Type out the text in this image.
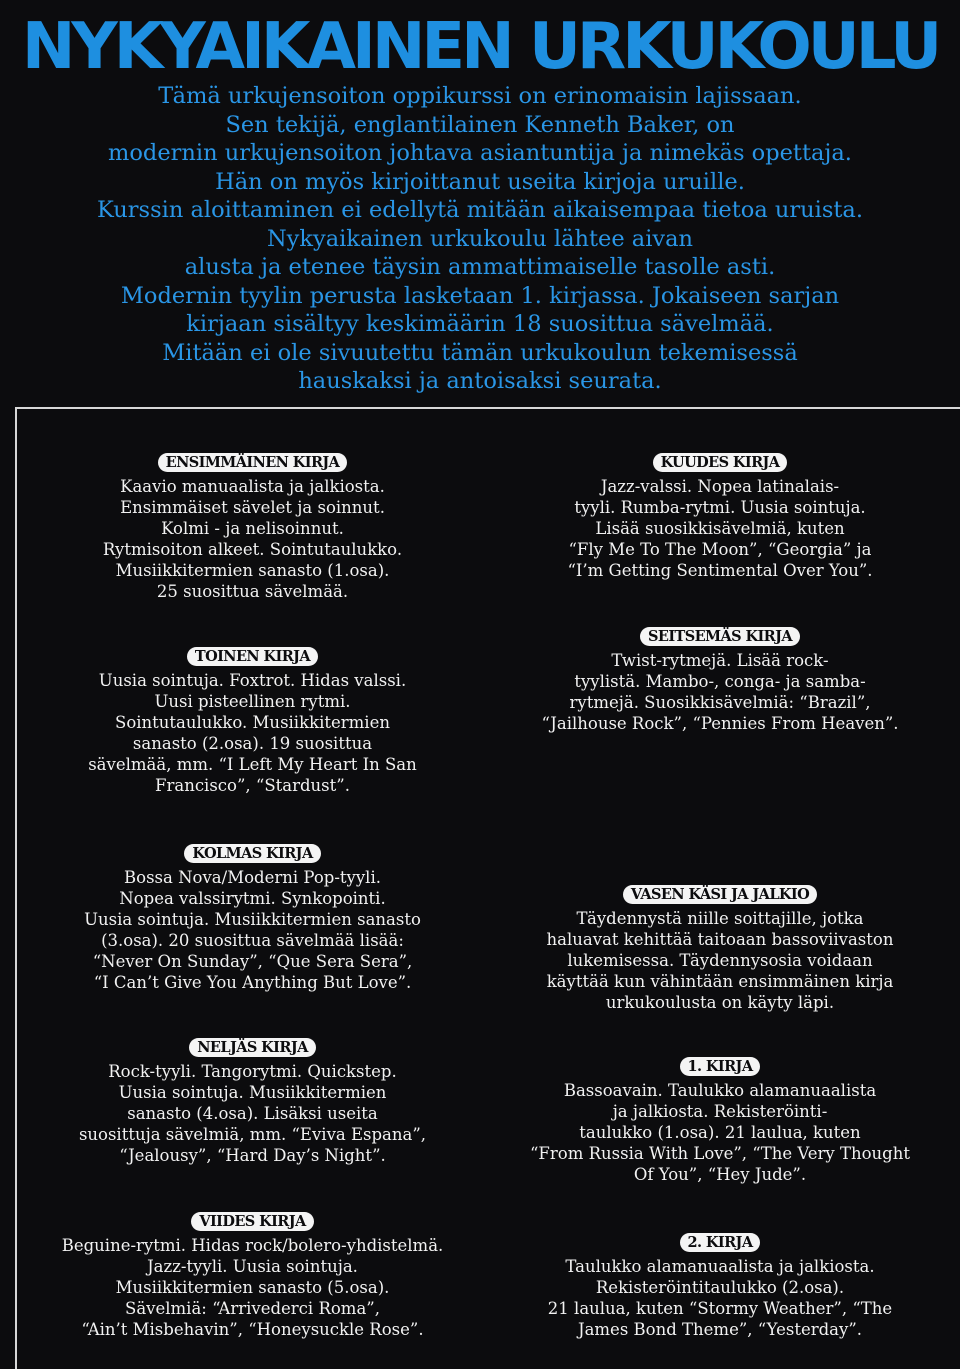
NYKYAIKAINEN URKUKOULU
Tämä urkujensoiton oppikurssi on erinomaisin lajissaan.
Sen tekijä, englantilainen Kenneth Baker, on
modernin urkujensoiton johtava asiantuntija ja nimekäs opettaja.
Hän on myös kirjoittanut useita kirjoja uruille.
Kurssin aloittaminen ei edellytä mitään aikaisempaa tietoa uruista.
Nykyaikainen urkukoulu lähtee aivan
alusta ja etenee täysin ammattimaiselle tasolle asti.
Modernin tyylin perusta lasketaan 1. kirjassa. Jokaiseen sarjan
kirjaan sisältyy keskimäärin 18 suosittua sävelmää.
Mitään ei ole sivuutettu tämän urkukoulun tekemisessä
hauskaksi ja antoisaksi seurata.
ENSIMMÄINEN KIRJA
Kaavio manuaalista ja jalkiosta.
Ensimmäiset sävelet ja soinnut.
Kolmi - ja nelisoinnut.
Rytmisoiton alkeet. Sointutaulukko.
Musiikkitermien sanasto (1.osa).
25 suosittua sävelmää.
TOINEN KIRJA
Uusia sointuja. Foxtrot. Hidas valssi.
Uusi pisteellinen rytmi.
Sointutaulukko. Musiikkitermien
sanasto (2.osa). 19 suosittua
sävelmää, mm. “I Left My Heart In San
Francisco”, “Stardust”.
KOLMAS KIRJA
Bossa Nova/Moderni Pop-tyyli.
Nopea valssirytmi. Synkopointi.
Uusia sointuja. Musiikkitermien sanasto
(3.osa). 20 suosittua sävelmää lisää:
“Never On Sunday”, “Que Sera Sera”,
“I Can’t Give You Anything But Love”.
NELJÄS KIRJA
Rock-tyyli. Tangorytmi. Quickstep.
Uusia sointuja. Musiikkitermien
sanasto (4.osa). Lisäksi useita
suosittuja sävelmiä, mm. “Eviva Espana”,
“Jealousy”, “Hard Day’s Night”.
VIIDES KIRJA
Beguine-rytmi. Hidas rock/bolero-yhdistelmä.
Jazz-tyyli. Uusia sointuja.
Musiikkitermien sanasto (5.osa).
Sävelmiä: “Arrivederci Roma”,
“Ain’t Misbehavin”, “Honeysuckle Rose”.
KUUDES KIRJA
Jazz-valssi. Nopea latinalais-
tyyli. Rumba-rytmi. Uusia sointuja.
Lisää suosikkisävelmiä, kuten
“Fly Me To The Moon”, “Georgia” ja
“I’m Getting Sentimental Over You”.
SEITSEMÄS KIRJA
Twist-rytmejä. Lisää rock-
tyylistä. Mambo-, conga- ja samba-
rytmejä. Suosikkisävelmiä: “Brazil”,
“Jailhouse Rock”, “Pennies From Heaven”.
VASEN KÄSI JA JALKIO
Täydennystä niille soittajille, jotka
haluavat kehittää taitoaan bassoviivaston
lukemisessa. Täydennysosia voidaan
käyttää kun vähintään ensimmäinen kirja
urkukoulusta on käyty läpi.
1. KIRJA
Bassoavain. Taulukko alamanuaalista
ja jalkiosta. Rekisteröinti-
taulukko (1.osa). 21 laulua, kuten
“From Russia With Love”, “The Very Thought
Of You”, “Hey Jude”.
2. KIRJA
Taulukko alamanuaalista ja jalkiosta.
Rekisteröintitaulukko (2.osa).
21 laulua, kuten “Stormy Weather”, “The
James Bond Theme”, “Yesterday”.
